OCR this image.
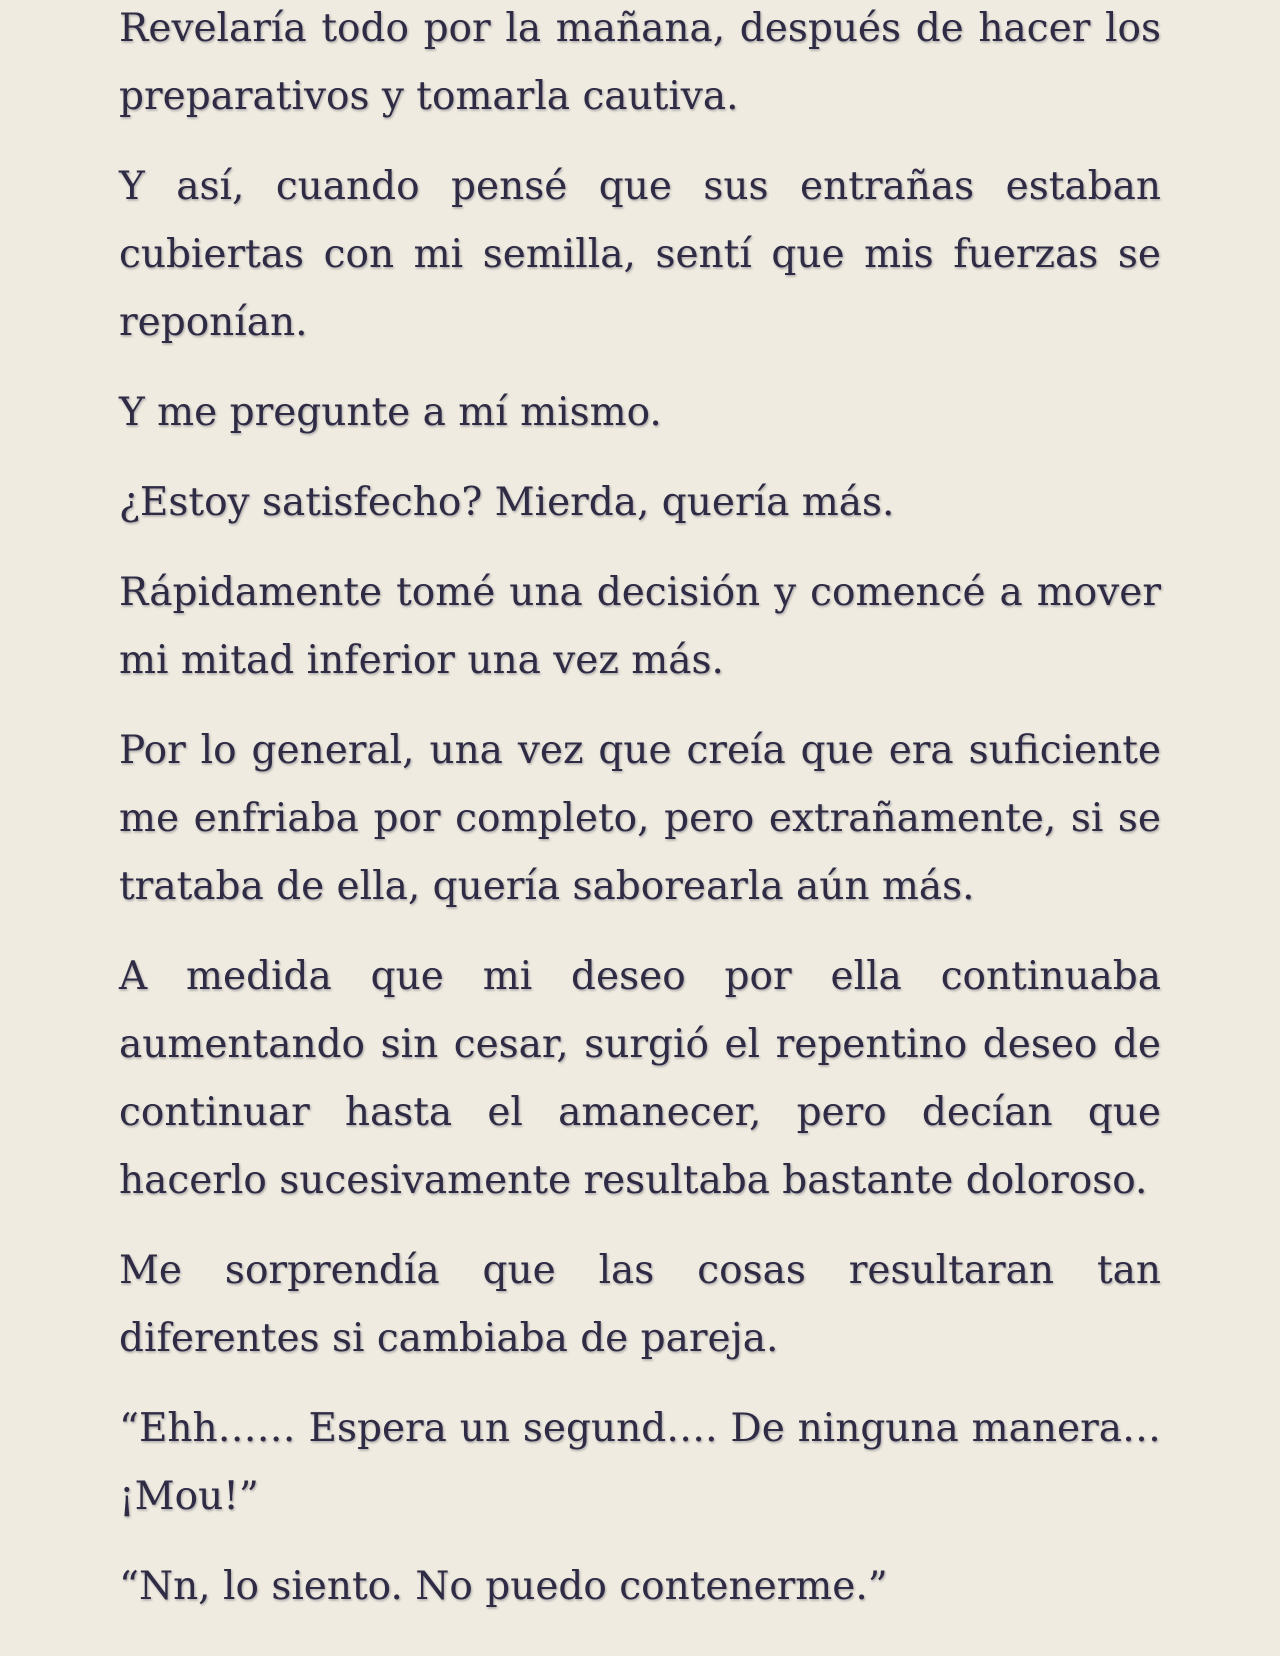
Revelaría todo por la mañana, después de hacer los preparativos y tomarla cautiva.

Y así, cuando pensé que sus entrañas estaban cubiertas con mi semilla, sentí que mis fuerzas se reponían.

Y me pregunte a mí mismo.

¿Estoy satisfecho? Mierda, quería más.

Rápidamente tomé una decisión y comencé a mover mi mitad inferior una vez más.

Por lo general, una vez que creía que era suficiente me enfriaba por completo, pero extrañamente, si se trataba de ella, quería saborearla aún más.

A medida que mi deseo por ella continuaba aumentando sin cesar, surgió el repentino deseo de continuar hasta el amanecer, pero decían que hacerlo sucesivamente resultaba bastante doloroso.

Me sorprendía que las cosas resultaran tan diferentes si cambiaba de pareja.

“Ehh…… Espera un segund…. De ninguna manera… ¡Mou!”

“Nn, lo siento. No puedo contenerme.”
